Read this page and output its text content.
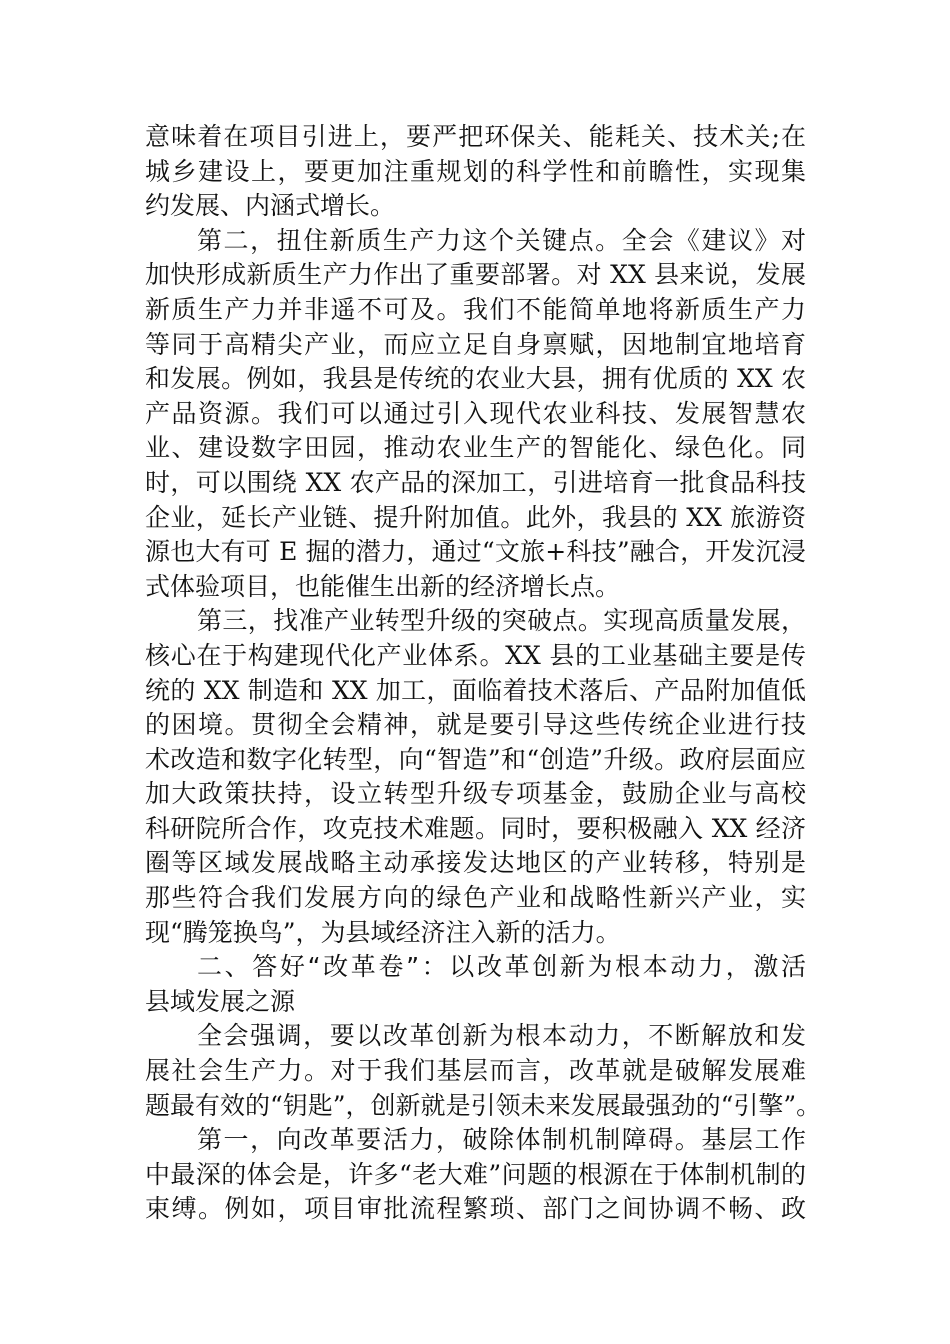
意味着在项目引进上，要严把环保关、能耗关、技术关;在
城乡建设上，要更加注重规划的科学性和前瞻性，实现集
约发展、内涵式增长。
第二，扭住新质生产力这个关键点。全会《建议》对
加快形成新质生产力作出了重要部署。对 XX 县来说，发展
新质生产力并非遥不可及。我们不能简单地将新质生产力
等同于高精尖产业，而应立足自身禀赋，因地制宜地培育
和发展。例如，我县是传统的农业大县，拥有优质的 XX 农
产品资源。我们可以通过引入现代农业科技、发展智慧农
业、建设数字田园，推动农业生产的智能化、绿色化。同
时，可以围绕 XX 农产品的深加工，引进培育一批食品科技
企业，延长产业链、提升附加值。此外，我县的 XX 旅游资
源也大有可 E 掘的潜力，通过“文旅+科技”融合，开发沉浸
式体验项目，也能催生出新的经济增长点。
第三，找准产业转型升级的突破点。实现高质量发展，
核心在于构建现代化产业体系。XX 县的工业基础主要是传
统的 XX 制造和 XX 加工，面临着技术落后、产品附加值低
的困境。贯彻全会精神，就是要引导这些传统企业进行技
术改造和数字化转型，向“智造”和“创造”升级。政府层面应
加大政策扶持，设立转型升级专项基金，鼓励企业与高校
科研院所合作，攻克技术难题。同时，要积极融入 XX 经济
圈等区域发展战略主动承接发达地区的产业转移，特别是
那些符合我们发展方向的绿色产业和战略性新兴产业，实
现“腾笼换鸟”，为县域经济注入新的活力。
二、答好“改革卷”：以改革创新为根本动力，激活
县域发展之源
全会强调，要以改革创新为根本动力，不断解放和发
展社会生产力。对于我们基层而言，改革就是破解发展难
题最有效的“钥匙”，创新就是引领未来发展最强劲的“引擎”。
第一，向改革要活力，破除体制机制障碍。基层工作
中最深的体会是，许多“老大难”问题的根源在于体制机制的
束缚。例如，项目审批流程繁琐、部门之间协调不畅、政
